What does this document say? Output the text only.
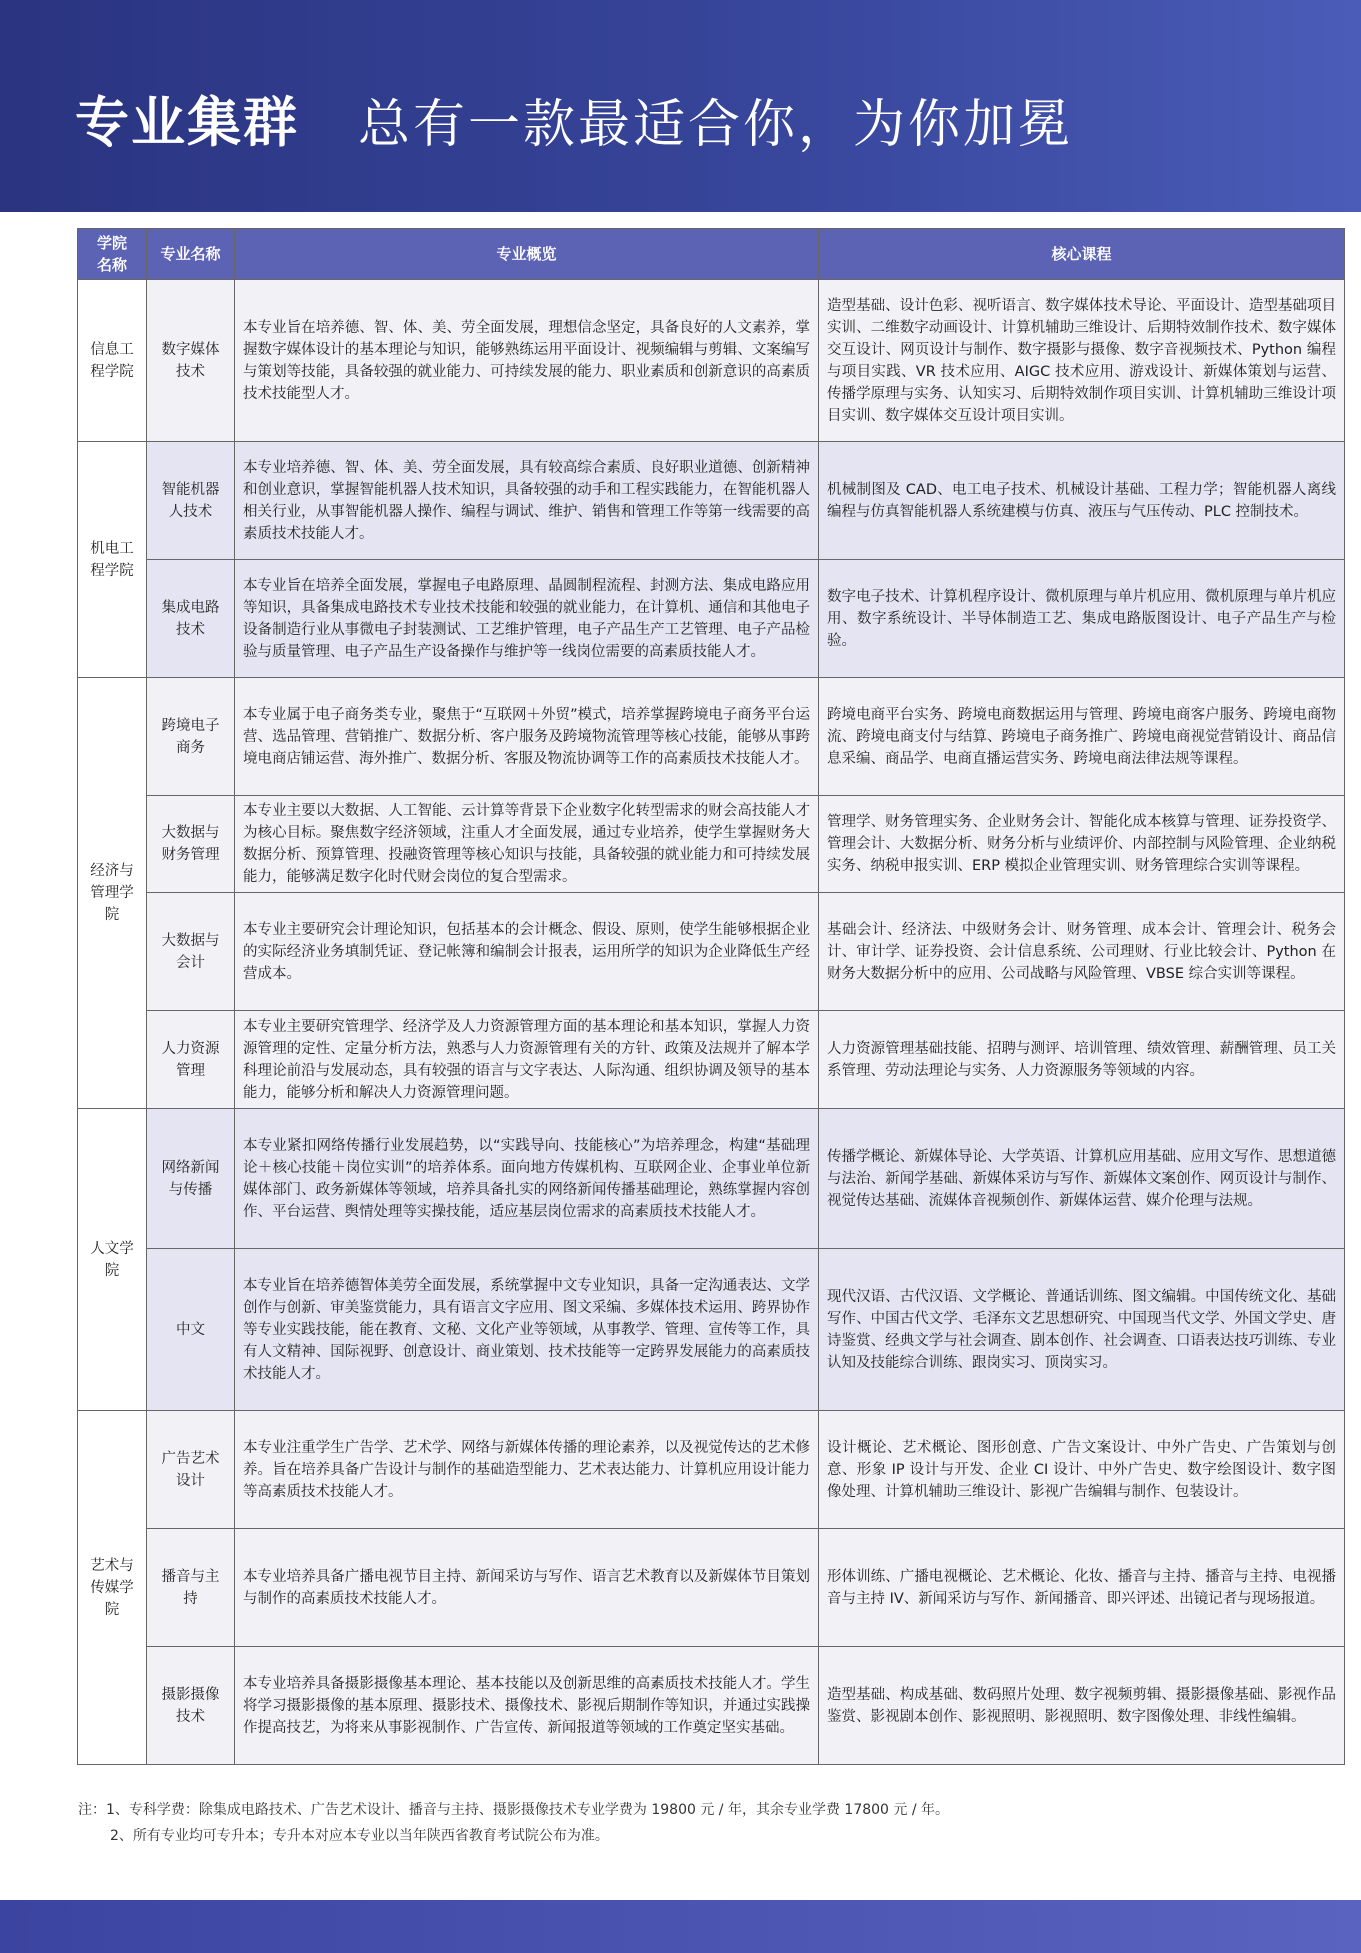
专业集群 总有一款最适合你，为你加冕
学院名称	专业名称	专业概览	核心课程
信息工程学院	数字媒体技术	本专业旨在培养德、智、体、美、劳全面发展，理想信念坚定，具备良好的人文素养，掌握数字媒体设计的基本理论与知识，能够熟练运用平面设计、视频编辑与剪辑、文案编写与策划等技能，具备较强的就业能力、可持续发展的能力、职业素质和创新意识的高素质技术技能型人才。	造型基础、设计色彩、视听语言、数字媒体技术导论、平面设计、造型基础项目实训、二维数字动画设计、计算机辅助三维设计、后期特效制作技术、数字媒体交互设计、网页设计与制作、数字摄影与摄像、数字音视频技术、Python 编程与项目实践、VR 技术应用、AIGC 技术应用、游戏设计、新媒体策划与运营、传播学原理与实务、认知实习、后期特效制作项目实训、计算机辅助三维设计项目实训、数字媒体交互设计项目实训。
机电工程学院	智能机器人技术	本专业培养德、智、体、美、劳全面发展，具有较高综合素质、良好职业道德、创新精神和创业意识，掌握智能机器人技术知识，具备较强的动手和工程实践能力，在智能机器人相关行业，从事智能机器人操作、编程与调试、维护、销售和管理工作等第一线需要的高素质技术技能人才。	机械制图及 CAD、电工电子技术、机械设计基础、工程力学；智能机器人离线编程与仿真智能机器人系统建模与仿真、液压与气压传动、PLC 控制技术。
	集成电路技术	本专业旨在培养全面发展，掌握电子电路原理、晶圆制程流程、封测方法、集成电路应用等知识，具备集成电路技术专业技术技能和较强的就业能力，在计算机、通信和其他电子设备制造行业从事微电子封装测试、工艺维护管理，电子产品生产工艺管理、电子产品检验与质量管理、电子产品生产设备操作与维护等一线岗位需要的高素质技能人才。	数字电子技术、计算机程序设计、微机原理与单片机应用、微机原理与单片机应用、数字系统设计、半导体制造工艺、集成电路版图设计、电子产品生产与检验。
经济与管理学院	跨境电子商务	本专业属于电子商务类专业，聚焦于“互联网＋外贸”模式，培养掌握跨境电子商务平台运营、选品管理、营销推广、数据分析、客户服务及跨境物流管理等核心技能，能够从事跨境电商店铺运营、海外推广、数据分析、客服及物流协调等工作的高素质技术技能人才。	跨境电商平台实务、跨境电商数据运用与管理、跨境电商客户服务、跨境电商物流、跨境电商支付与结算、跨境电子商务推广、跨境电商视觉营销设计、商品信息采编、商品学、电商直播运营实务、跨境电商法律法规等课程。
	大数据与财务管理	本专业主要以大数据、人工智能、云计算等背景下企业数字化转型需求的财会高技能人才为核心目标。聚焦数字经济领域，注重人才全面发展，通过专业培养，使学生掌握财务大数据分析、预算管理、投融资管理等核心知识与技能，具备较强的就业能力和可持续发展能力，能够满足数字化时代财会岗位的复合型需求。	管理学、财务管理实务、企业财务会计、智能化成本核算与管理、证券投资学、管理会计、大数据分析、财务分析与业绩评价、内部控制与风险管理、企业纳税实务、纳税申报实训、ERP 模拟企业管理实训、财务管理综合实训等课程。
	大数据与会计	本专业主要研究会计理论知识，包括基本的会计概念、假设、原则，使学生能够根据企业的实际经济业务填制凭证、登记帐簿和编制会计报表，运用所学的知识为企业降低生产经营成本。	基础会计、经济法、中级财务会计、财务管理、成本会计、管理会计、税务会计、审计学、证券投资、会计信息系统、公司理财、行业比较会计、Python 在财务大数据分析中的应用、公司战略与风险管理、VBSE 综合实训等课程。
	人力资源管理	本专业主要研究管理学、经济学及人力资源管理方面的基本理论和基本知识，掌握人力资源管理的定性、定量分析方法，熟悉与人力资源管理有关的方针、政策及法规并了解本学科理论前沿与发展动态，具有较强的语言与文字表达、人际沟通、组织协调及领导的基本能力，能够分析和解决人力资源管理问题。	人力资源管理基础技能、招聘与测评、培训管理、绩效管理、薪酬管理、员工关系管理、劳动法理论与实务、人力资源服务等领域的内容。
人文学院	网络新闻与传播	本专业紧扣网络传播行业发展趋势，以“实践导向、技能核心”为培养理念，构建“基础理论＋核心技能＋岗位实训”的培养体系。面向地方传媒机构、互联网企业、企事业单位新媒体部门、政务新媒体等领域，培养具备扎实的网络新闻传播基础理论，熟练掌握内容创作、平台运营、舆情处理等实操技能，适应基层岗位需求的高素质技术技能人才。	传播学概论、新媒体导论、大学英语、计算机应用基础、应用文写作、思想道德与法治、新闻学基础、新媒体采访与写作、新媒体文案创作、网页设计与制作、视觉传达基础、流媒体音视频创作、新媒体运营、媒介伦理与法规。
	中文	本专业旨在培养德智体美劳全面发展，系统掌握中文专业知识，具备一定沟通表达、文学创作与创新、审美鉴赏能力，具有语言文字应用、图文采编、多媒体技术运用、跨界协作等专业实践技能，能在教育、文秘、文化产业等领域，从事教学、管理、宣传等工作，具有人文精神、国际视野、创意设计、商业策划、技术技能等一定跨界发展能力的高素质技术技能人才。	现代汉语、古代汉语、文学概论、普通话训练、图文编辑。中国传统文化、基础写作、中国古代文学、毛泽东文艺思想研究、中国现当代文学、外国文学史、唐诗鉴赏、经典文学与社会调查、剧本创作、社会调查、口语表达技巧训练、专业认知及技能综合训练、跟岗实习、顶岗实习。
艺术与传媒学院	广告艺术设计	本专业注重学生广告学、艺术学、网络与新媒体传播的理论素养，以及视觉传达的艺术修养。旨在培养具备广告设计与制作的基础造型能力、艺术表达能力、计算机应用设计能力等高素质技术技能人才。	设计概论、艺术概论、图形创意、广告文案设计、中外广告史、广告策划与创意、形象 IP 设计与开发、企业 CI 设计、中外广告史、数字绘图设计、数字图像处理、计算机辅助三维设计、影视广告编辑与制作、包装设计。
	播音与主持	本专业培养具备广播电视节目主持、新闻采访与写作、语言艺术教育以及新媒体节目策划与制作的高素质技术技能人才。	形体训练、广播电视概论、艺术概论、化妆、播音与主持、播音与主持、电视播音与主持 IV、新闻采访与写作、新闻播音、即兴评述、出镜记者与现场报道。
	摄影摄像技术	本专业培养具备摄影摄像基本理论、基本技能以及创新思维的高素质技术技能人才。学生将学习摄影摄像的基本原理、摄影技术、摄像技术、影视后期制作等知识，并通过实践操作提高技艺，为将来从事影视制作、广告宣传、新闻报道等领域的工作奠定坚实基础。	造型基础、构成基础、数码照片处理、数字视频剪辑、摄影摄像基础、影视作品鉴赏、影视剧本创作、影视照明、影视照明、数字图像处理、非线性编辑。
注：1、专科学费：除集成电路技术、广告艺术设计、播音与主持、摄影摄像技术专业学费为 19800 元 / 年，其余专业学费 17800 元 / 年。
2、所有专业均可专升本；专升本对应本专业以当年陕西省教育考试院公布为准。
